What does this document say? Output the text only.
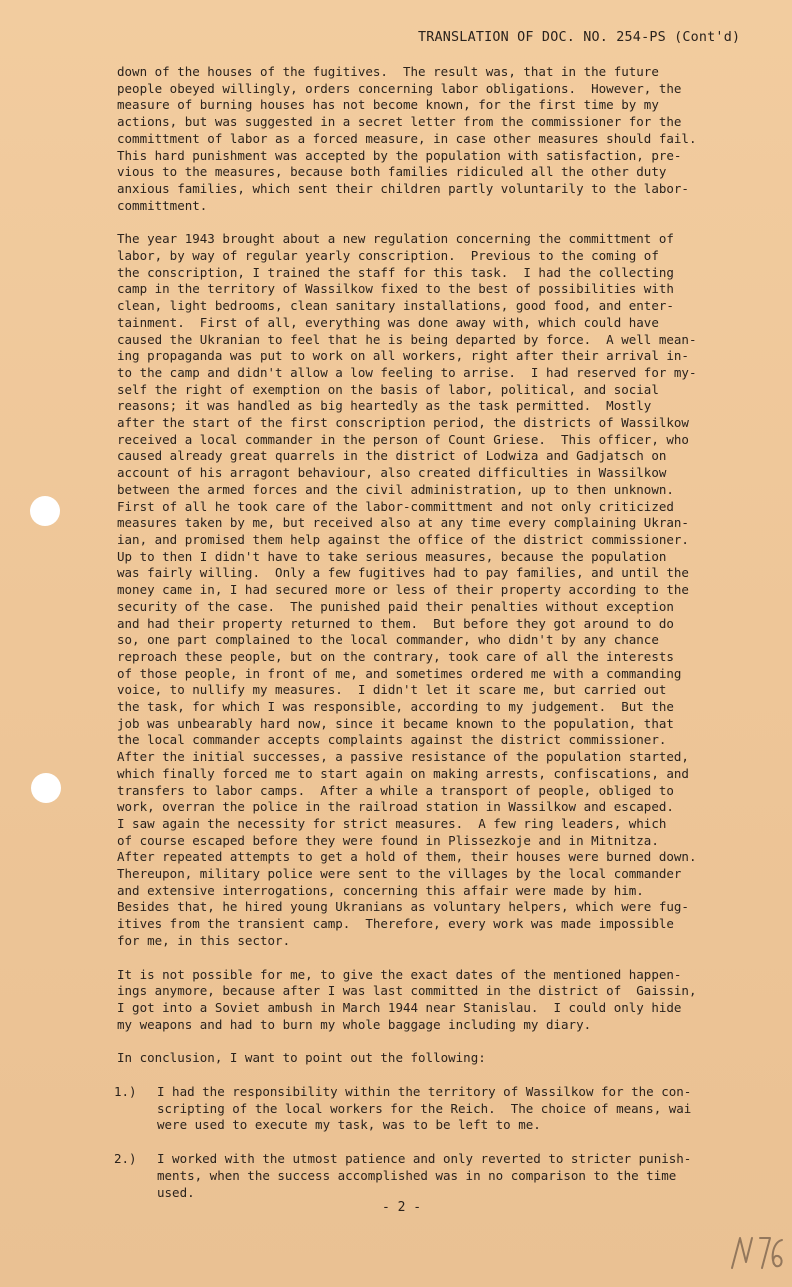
TRANSLATION OF DOC. NO. 254-PS (Cont'd)

down of the houses of the fugitives.  The result was, that in the future
people obeyed willingly, orders concerning labor obligations.  However, the
measure of burning houses has not become known, for the first time by my
actions, but was suggested in a secret letter from the commissioner for the
committment of labor as a forced measure, in case other measures should fail.
This hard punishment was accepted by the population with satisfaction, pre-
vious to the measures, because both families ridiculed all the other duty
anxious families, which sent their children partly voluntarily to the labor-
committment.

The year 1943 brought about a new regulation concerning the committment of
labor, by way of regular yearly conscription.  Previous to the coming of
the conscription, I trained the staff for this task.  I had the collecting
camp in the territory of Wassilkow fixed to the best of possibilities with
clean, light bedrooms, clean sanitary installations, good food, and enter-
tainment.  First of all, everything was done away with, which could have
caused the Ukranian to feel that he is being departed by force.  A well mean-
ing propaganda was put to work on all workers, right after their arrival in-
to the camp and didn't allow a low feeling to arrise.  I had reserved for my-
self the right of exemption on the basis of labor, political, and social
reasons; it was handled as big heartedly as the task permitted.  Mostly
after the start of the first conscription period, the districts of Wassilkow
received a local commander in the person of Count Griese.  This officer, who
caused already great quarrels in the district of Lodwiza and Gadjatsch on
account of his arragont behaviour, also created difficulties in Wassilkow
between the armed forces and the civil administration, up to then unknown.
First of all he took care of the labor-committment and not only criticized
measures taken by me, but received also at any time every complaining Ukran-
ian, and promised them help against the office of the district commissioner.
Up to then I didn't have to take serious measures, because the population
was fairly willing.  Only a few fugitives had to pay families, and until the
money came in, I had secured more or less of their property according to the
security of the case.  The punished paid their penalties without exception
and had their property returned to them.  But before they got around to do
so, one part complained to the local commander, who didn't by any chance
reproach these people, but on the contrary, took care of all the interests
of those people, in front of me, and sometimes ordered me with a commanding
voice, to nullify my measures.  I didn't let it scare me, but carried out
the task, for which I was responsible, according to my judgement.  But the
job was unbearably hard now, since it became known to the population, that
the local commander accepts complaints against the district commissioner.
After the initial successes, a passive resistance of the population started,
which finally forced me to start again on making arrests, confiscations, and
transfers to labor camps.  After a while a transport of people, obliged to
work, overran the police in the railroad station in Wassilkow and escaped.
I saw again the necessity for strict measures.  A few ring leaders, which
of course escaped before they were found in Plissezkoje and in Mitnitza.
After repeated attempts to get a hold of them, their houses were burned down.
Thereupon, military police were sent to the villages by the local commander
and extensive interrogations, concerning this affair were made by him.
Besides that, he hired young Ukranians as voluntary helpers, which were fug-
itives from the transient camp.  Therefore, every work was made impossible
for me, in this sector.

It is not possible for me, to give the exact dates of the mentioned happen-
ings anymore, because after I was last committed in the district of  Gaissin,
I got into a Soviet ambush in March 1944 near Stanislau.  I could only hide
my weapons and had to burn my whole baggage including my diary.

In conclusion, I want to point out the following:

1.) I had the responsibility within the territory of Wassilkow for the con-
scripting of the local workers for the Reich.  The choice of means, wai
were used to execute my task, was to be left to me.
2.) I worked with the utmost patience and only reverted to stricter punish-
ments, when the success accomplished was in no comparison to the time
used.
- 2 -
